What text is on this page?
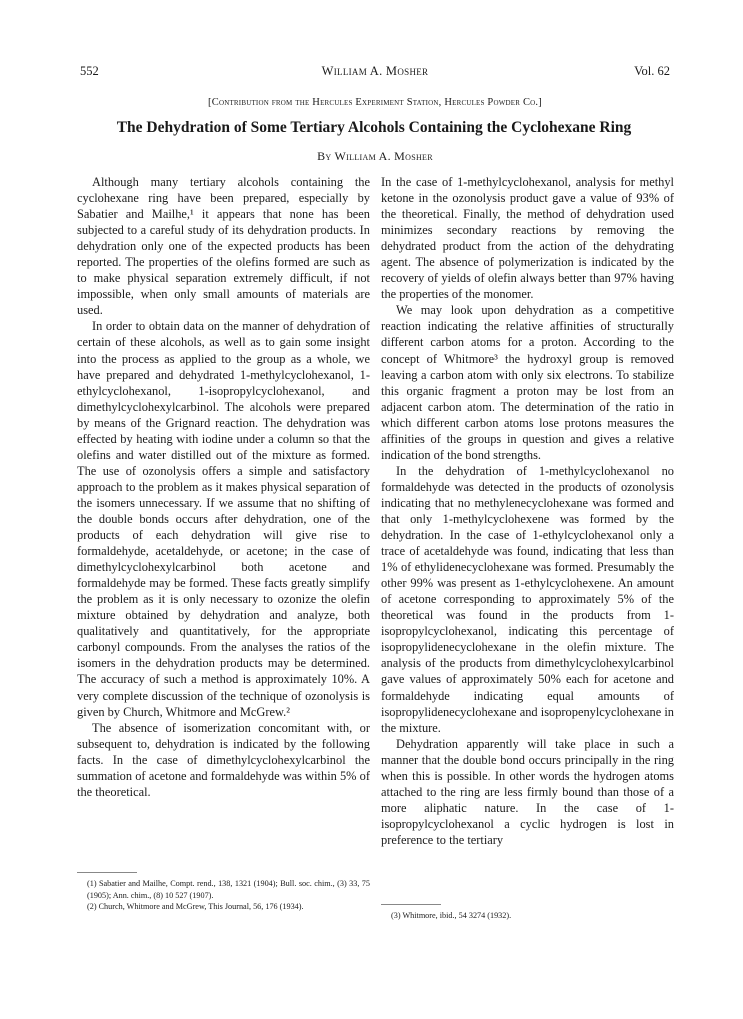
552	William A. Mosher	Vol. 62
[Contribution from the Hercules Experiment Station, Hercules Powder Co.]
The Dehydration of Some Tertiary Alcohols Containing the Cyclohexane Ring
By William A. Mosher

Although many tertiary alcohols containing the cyclohexane ring have been prepared, especially by Sabatier and Mailhe,¹ it appears that none has been subjected to a careful study of its dehydration products. In dehydration only one of the expected products has been reported. The properties of the olefins formed are such as to make physical separation extremely difficult, if not impossible, when only small amounts of materials are used.

In order to obtain data on the manner of dehydration of certain of these alcohols, as well as to gain some insight into the process as applied to the group as a whole, we have prepared and dehydrated 1-methylcyclohexanol, 1-ethylcyclohexanol, 1-isopropylcyclohexanol, and dimethylcyclohexylcarbinol. The alcohols were prepared by means of the Grignard reaction. The dehydration was effected by heating with iodine under a column so that the olefins and water distilled out of the mixture as formed. The use of ozonolysis offers a simple and satisfactory approach to the problem as it makes physical separation of the isomers unnecessary. If we assume that no shifting of the double bonds occurs after dehydration, one of the products of each dehydration will give rise to formaldehyde, acetaldehyde, or acetone; in the case of dimethylcyclohexylcarbinol both acetone and formaldehyde may be formed. These facts greatly simplify the problem as it is only necessary to ozonize the olefin mixture obtained by dehydration and analyze, both qualitatively and quantitatively, for the appropriate carbonyl compounds. From the analyses the ratios of the isomers in the dehydration products may be determined. The accuracy of such a method is approximately 10%. A very complete discussion of the technique of ozonolysis is given by Church, Whitmore and McGrew.²

The absence of isomerization concomitant with, or subsequent to, dehydration is indicated by the following facts. In the case of dimethylcyclohexylcarbinol the summation of acetone and formaldehyde was within 5% of the theoretical.

(1) Sabatier and Mailhe, Compt. rend., 138, 1321 (1904); Bull. soc. chim., (3) 33, 75 (1905); Ann. chim., (8) 10 527 (1907).

(2) Church, Whitmore and McGrew, This Journal, 56, 176 (1934).

In the case of 1-methylcyclohexanol, analysis for methyl ketone in the ozonolysis product gave a value of 93% of the theoretical. Finally, the method of dehydration used minimizes secondary reactions by removing the dehydrated product from the action of the dehydrating agent. The absence of polymerization is indicated by the recovery of yields of olefin always better than 97% having the properties of the monomer.

We may look upon dehydration as a competitive reaction indicating the relative affinities of structurally different carbon atoms for a proton. According to the concept of Whitmore³ the hydroxyl group is removed leaving a carbon atom with only six electrons. To stabilize this organic fragment a proton may be lost from an adjacent carbon atom. The determination of the ratio in which different carbon atoms lose protons measures the affinities of the groups in question and gives a relative indication of the bond strengths.

In the dehydration of 1-methylcyclohexanol no formaldehyde was detected in the products of ozonolysis indicating that no methylenecyclohexane was formed and that only 1-methylcyclohexene was formed by the dehydration. In the case of 1-ethylcyclohexanol only a trace of acetaldehyde was found, indicating that less than 1% of ethylidenecyclohexane was formed. Presumably the other 99% was present as 1-ethylcyclohexene. An amount of acetone corresponding to approximately 5% of the theoretical was found in the products from 1-isopropylcyclohexanol, indicating this percentage of isopropylidenecyclohexane in the olefin mixture. The analysis of the products from dimethylcyclohexylcarbinol gave values of approximately 50% each for acetone and formaldehyde indicating equal amounts of isopropylidenecyclohexane and isopropenylcyclohexane in the mixture.

Dehydration apparently will take place in such a manner that the double bond occurs principally in the ring when this is possible. In other words the hydrogen atoms attached to the ring are less firmly bound than those of a more aliphatic nature. In the case of 1-isopropylcyclohexanol a cyclic hydrogen is lost in preference to the tertiary

(3) Whitmore, ibid., 54 3274 (1932).
